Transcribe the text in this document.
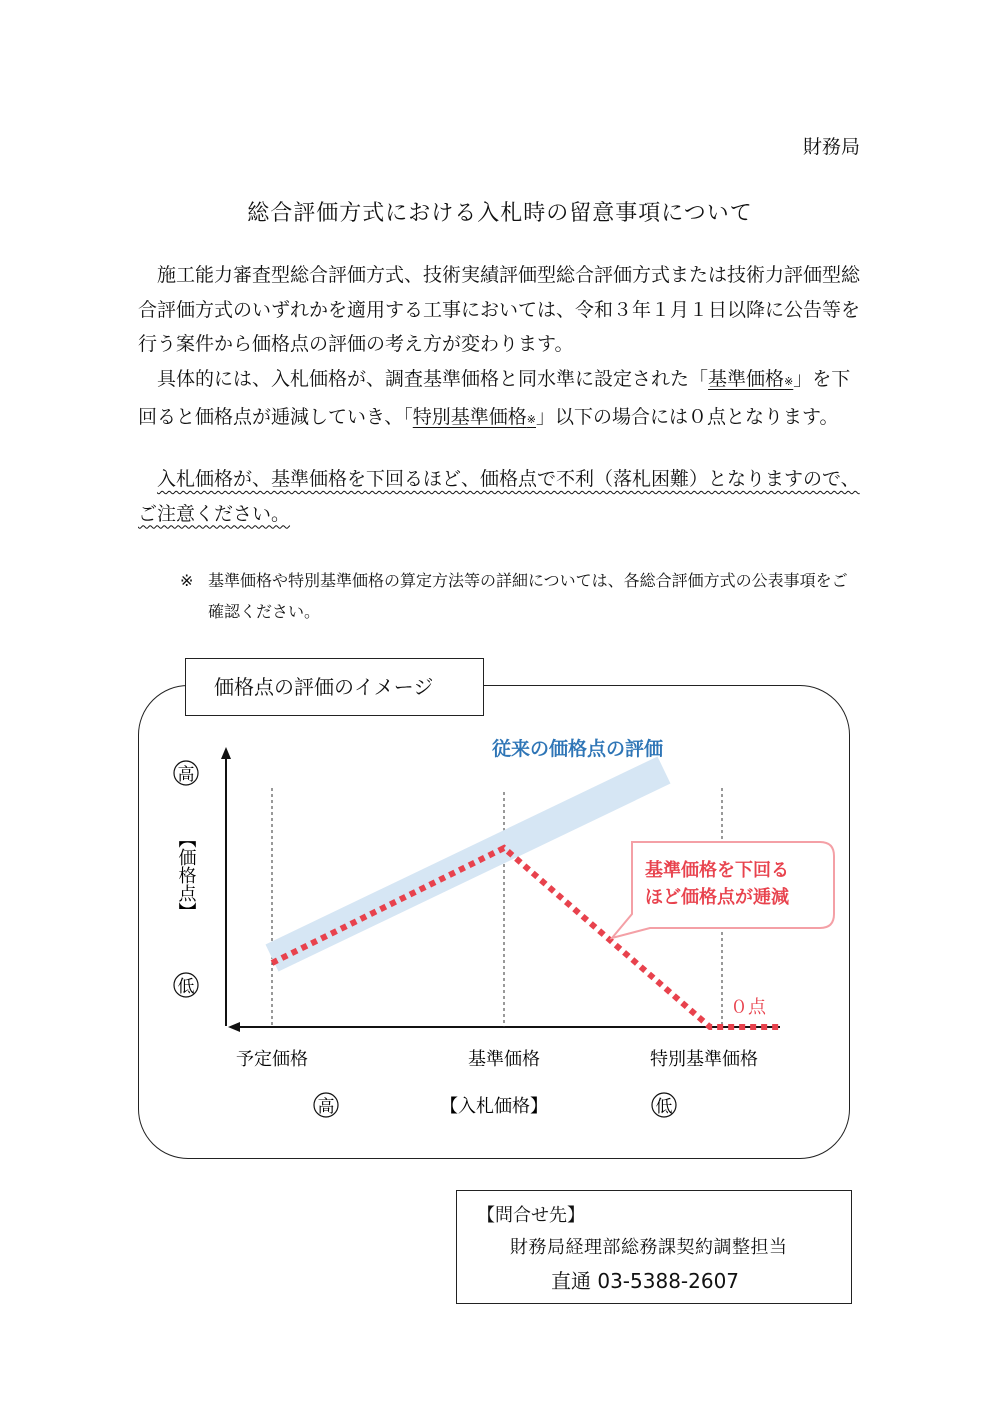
財務局
総合評価方式における入札時の留意事項について

施工能力審査型総合評価方式、技術実績評価型総合評価方式または技術力評価型総合評価方式のいずれかを適用する工事においては、令和３年１月１日以降に公告等を行う案件から価格点の評価の考え方が変わります。

具体的には、入札価格が、調査基準価格と同水準に設定された「基準価格※」を下回ると価格点が逓減していき、「特別基準価格※」以下の場合には０点となります。

入札価格が、基準価格を下回るほど、価格点で不利（落札困難）となりますので、ご注意ください。

※ 基準価格や特別基準価格の算定方法等の詳細については、各総合評価方式の公表事項をご確認ください。
従来の価格点の評価
基準価格を下回る
ほど価格点が逓減
０点
高
低
【価格点】
予定価格	基準価格	特別基準価格
高	【入札価格】	低
価格点の評価のイメージ
【問合せ先】
財務局経理部総務課契約調整担当
直通 03-5388-2607
